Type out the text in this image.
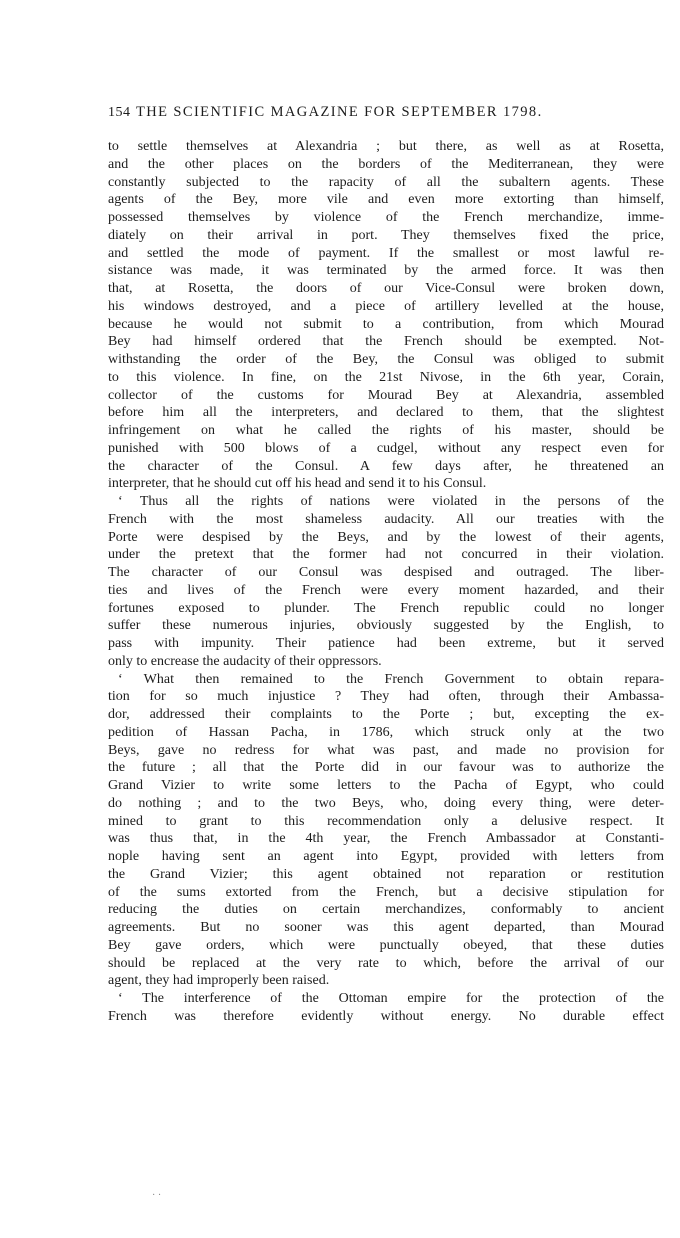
154 THE SCIENTIFIC MAGAZINE FOR SEPTEMBER 1798.
to settle themselves at Alexandria ; but there, as well as at Rosetta,
and the other places on the borders of the Mediterranean, they were
constantly subjected to the rapacity of all the subaltern agents. These
agents of the Bey, more vile and even more extorting than himself,
possessed themselves by violence of the French merchandize, imme-
diately on their arrival in port. They themselves fixed the price,
and settled the mode of payment. If the smallest or most lawful re-
sistance was made, it was terminated by the armed force. It was then
that, at Rosetta, the doors of our Vice-Consul were broken down,
his windows destroyed, and a piece of artillery levelled at the house,
because he would not submit to a contribution, from which Mourad
Bey had himself ordered that the French should be exempted. Not-
withstanding the order of the Bey, the Consul was obliged to submit
to this violence. In fine, on the 21st Nivose, in the 6th year, Corain,
collector of the customs for Mourad Bey at Alexandria, assembled
before him all the interpreters, and declared to them, that the slightest
infringement on what he called the rights of his master, should be
punished with 500 blows of a cudgel, without any respect even for
the character of the Consul. A few days after, he threatened an
interpreter, that he should cut off his head and send it to his Consul.
‘ Thus all the rights of nations were violated in the persons of the
French with the most shameless audacity. All our treaties with the
Porte were despised by the Beys, and by the lowest of their agents,
under the pretext that the former had not concurred in their violation.
The character of our Consul was despised and outraged. The liber-
ties and lives of the French were every moment hazarded, and their
fortunes exposed to plunder. The French republic could no longer
suffer these numerous injuries, obviously suggested by the English, to
pass with impunity. Their patience had been extreme, but it served
only to encrease the audacity of their oppressors.
‘ What then remained to the French Government to obtain repara-
tion for so much injustice ? They had often, through their Ambassa-
dor, addressed their complaints to the Porte ; but, excepting the ex-
pedition of Hassan Pacha, in 1786, which struck only at the two
Beys, gave no redress for what was past, and made no provision for
the future ; all that the Porte did in our favour was to authorize the
Grand Vizier to write some letters to the Pacha of Egypt, who could
do nothing ; and to the two Beys, who, doing every thing, were deter-
mined to grant to this recommendation only a delusive respect. It
was thus that, in the 4th year, the French Ambassador at Constanti-
nople having sent an agent into Egypt, provided with letters from
the Grand Vizier; this agent obtained not reparation or restitution
of the sums extorted from the French, but a decisive stipulation for
reducing the duties on certain merchandizes, conformably to ancient
agreements. But no sooner was this agent departed, than Mourad
Bey gave orders, which were punctually obeyed, that these duties
should be replaced at the very rate to which, before the arrival of our
agent, they had improperly been raised.
‘ The interference of the Ottoman empire for the protection of the
French was therefore evidently without energy. No durable effect
· ·
